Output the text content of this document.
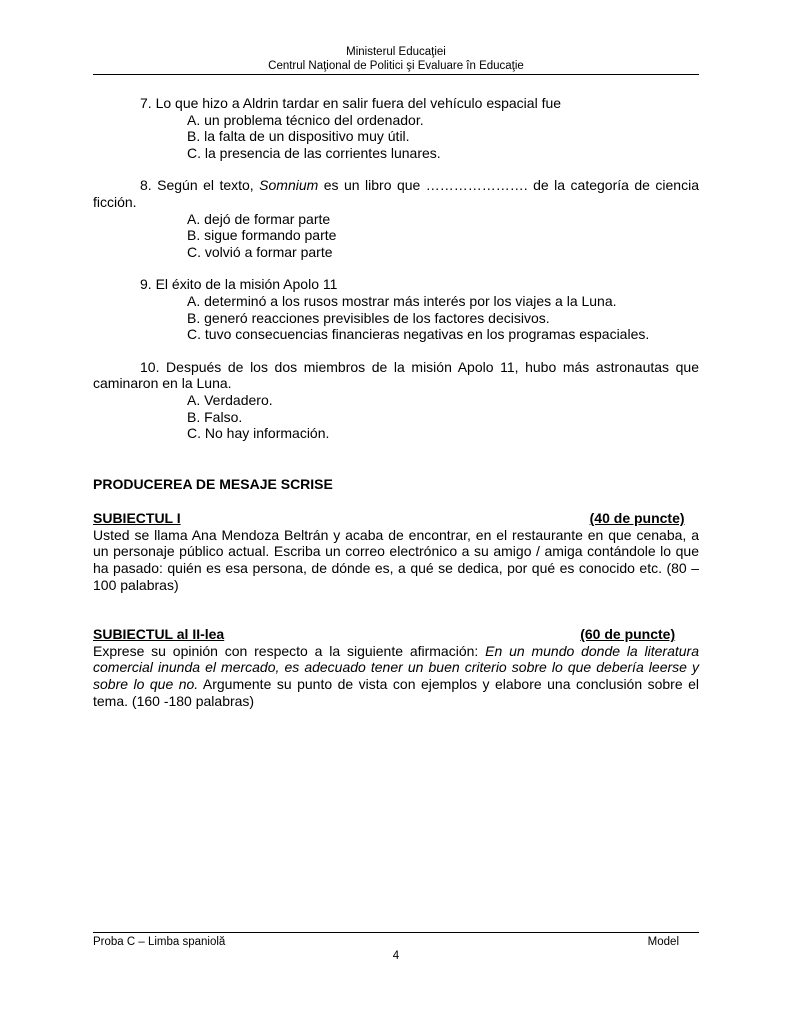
Ministerul Educaţiei
Centrul Naţional de Politici şi Evaluare în Educaţie

7. Lo que hizo a Aldrin tardar en salir fuera del vehículo espacial fue

A. un problema técnico del ordenador.

B. la falta de un dispositivo muy útil.

C. la presencia de las corrientes lunares.

8. Según el texto, Somnium es un libro que …………………. de la categoría de ciencia ficción.

A. dejó de formar parte

B. sigue formando parte

C. volvió a formar parte

9. El éxito de la misión Apolo 11

A. determinó a los rusos mostrar más interés por los viajes a la Luna.

B. generó reacciones previsibles de los factores decisivos.

C. tuvo consecuencias financieras negativas en los programas espaciales.

10. Después de los dos miembros de la misión Apolo 11, hubo más astronautas que caminaron en la Luna.

A. Verdadero.

B. Falso.

C. No hay información.

PRODUCEREA DE MESAJE SCRISE

SUBIECTUL I	(40 de puncte)

Usted se llama Ana Mendoza Beltrán y acaba de encontrar, en el restaurante en que cenaba, a un personaje público actual. Escriba un correo electrónico a su amigo / amiga contándole lo que ha pasado: quién es esa persona, de dónde es, a qué se dedica, por qué es conocido etc. (80 – 100 palabras)

SUBIECTUL al II-lea	(60 de puncte)

Exprese su opinión con respecto a la siguiente afirmación: En un mundo donde la literatura comercial inunda el mercado, es adecuado tener un buen criterio sobre lo que debería leerse y sobre lo que no. Argumente su punto de vista con ejemplos y elabore una conclusión sobre el tema. (160 -180 palabras)

Proba C – Limba spaniolă	Model
4
